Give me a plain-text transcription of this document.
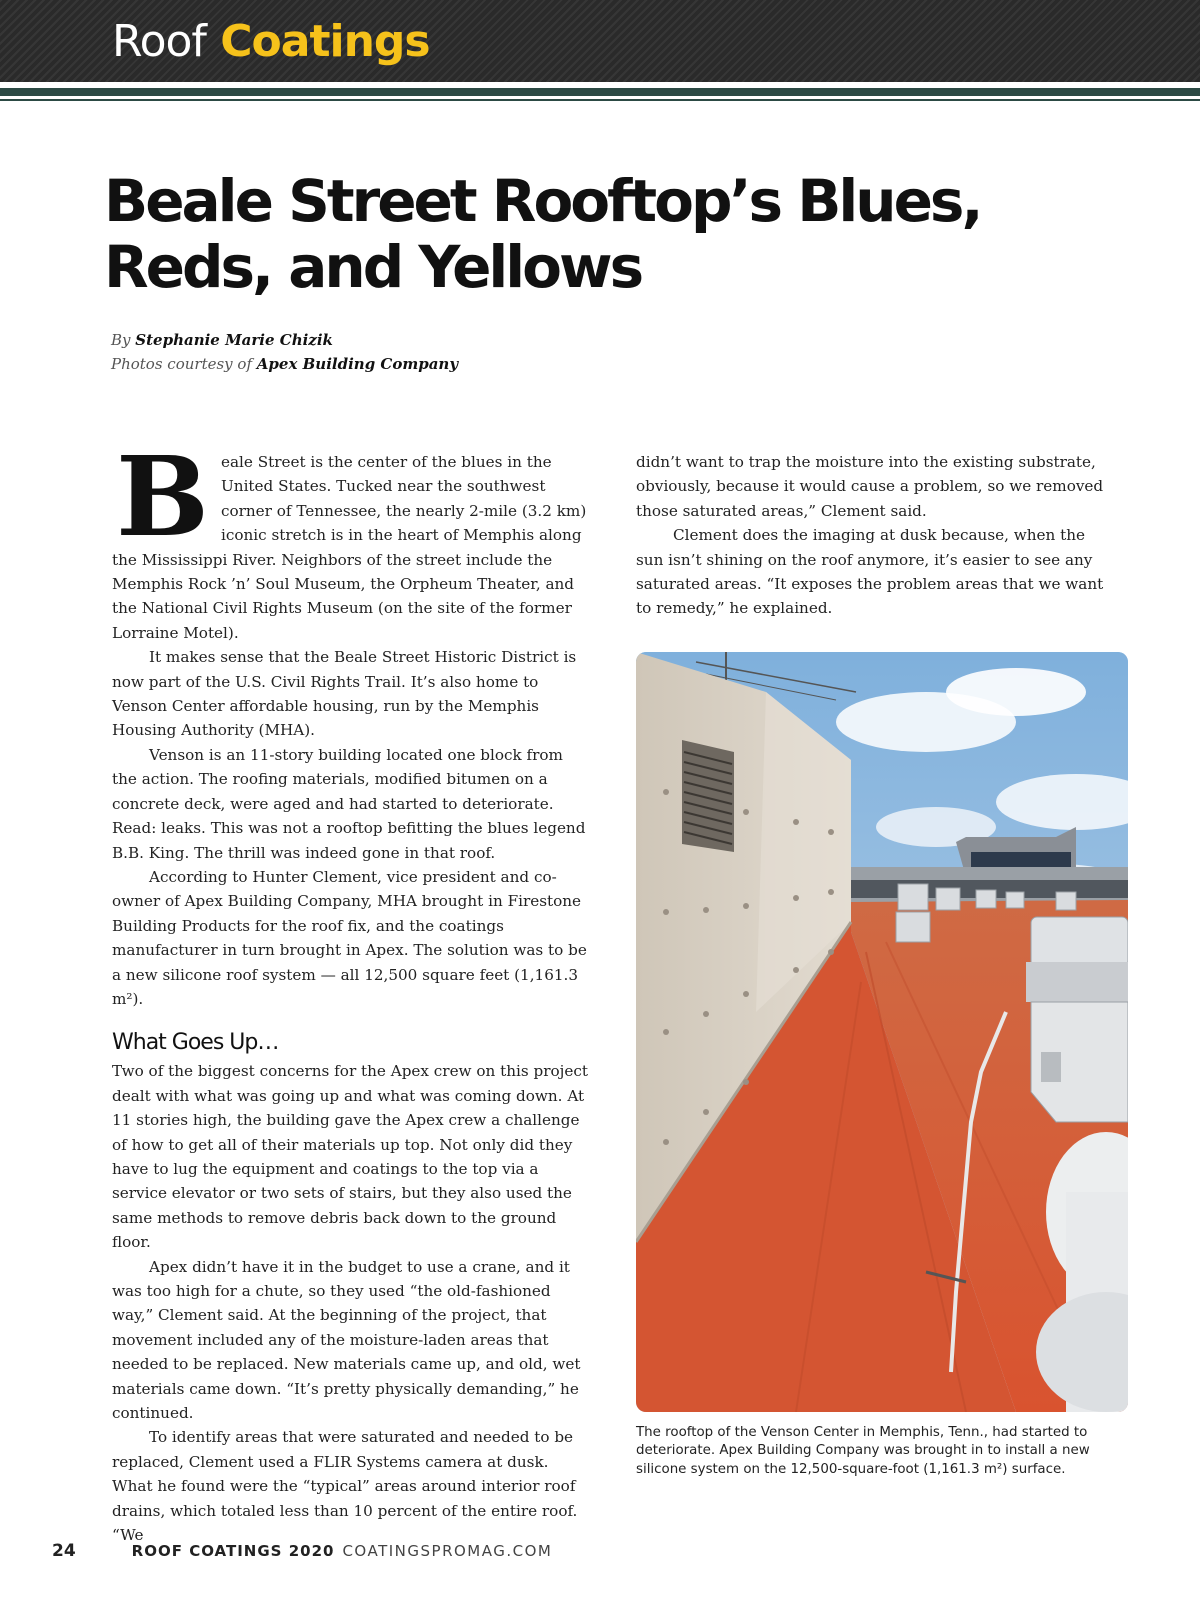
Roof Coatings
Beale Street Rooftop’s Blues, Reds, and Yellows
By Stephanie Marie Chizik
Photos courtesy of Apex Building Company

Beale Street is the center of the blues in the United States. Tucked near the southwest corner of Tennessee, the nearly 2-mile (3.2 km) iconic stretch is in the heart of Memphis along the Mississippi River. Neighbors of the street include the Memphis Rock ’n’ Soul Museum, the Orpheum Theater, and the National Civil Rights Museum (on the site of the former Lorraine Motel).

It makes sense that the Beale Street Historic District is now part of the U.S. Civil Rights Trail. It’s also home to Venson Center affordable housing, run by the Memphis Housing Authority (MHA).

Venson is an 11-story building located one block from the action. The roofing materials, modified bitumen on a concrete deck, were aged and had started to deteriorate. Read: leaks. This was not a rooftop befitting the blues legend B.B. King. The thrill was indeed gone in that roof.

According to Hunter Clement, vice president and co-owner of Apex Building Company, MHA brought in Firestone Building Products for the roof fix, and the coatings manufacturer in turn brought in Apex. The solution was to be a new silicone roof system — all 12,500 square feet (1,161.3 m²).

What Goes Up…

Two of the biggest concerns for the Apex crew on this project dealt with what was going up and what was coming down. At 11 stories high, the building gave the Apex crew a challenge of how to get all of their materials up top. Not only did they have to lug the equipment and coatings to the top via a service elevator or two sets of stairs, but they also used the same methods to remove debris back down to the ground floor.

Apex didn’t have it in the budget to use a crane, and it was too high for a chute, so they used “the old-fashioned way,” Clement said. At the beginning of the project, that movement included any of the moisture-laden areas that needed to be replaced. New materials came up, and old, wet materials came down. “It’s pretty physically demanding,” he continued.

To identify areas that were saturated and needed to be replaced, Clement used a FLIR Systems camera at dusk. What he found were the “typical” areas around interior roof drains, which totaled less than 10 percent of the entire roof. “We

didn’t want to trap the moisture into the existing substrate, obviously, because it would cause a problem, so we removed those saturated areas,” Clement said.

Clement does the imaging at dusk because, when the sun isn’t shining on the roof anymore, it’s easier to see any saturated areas. “It exposes the problem areas that we want to remedy,” he explained.

The rooftop of the Venson Center in Memphis, Tenn., had started to deteriorate. Apex Building Company was brought in to install a new silicone system on the 12,500-square-foot (1,161.3 m²) surface.
24	ROOF COATINGS 2020 COATINGSPROMAG.COM
